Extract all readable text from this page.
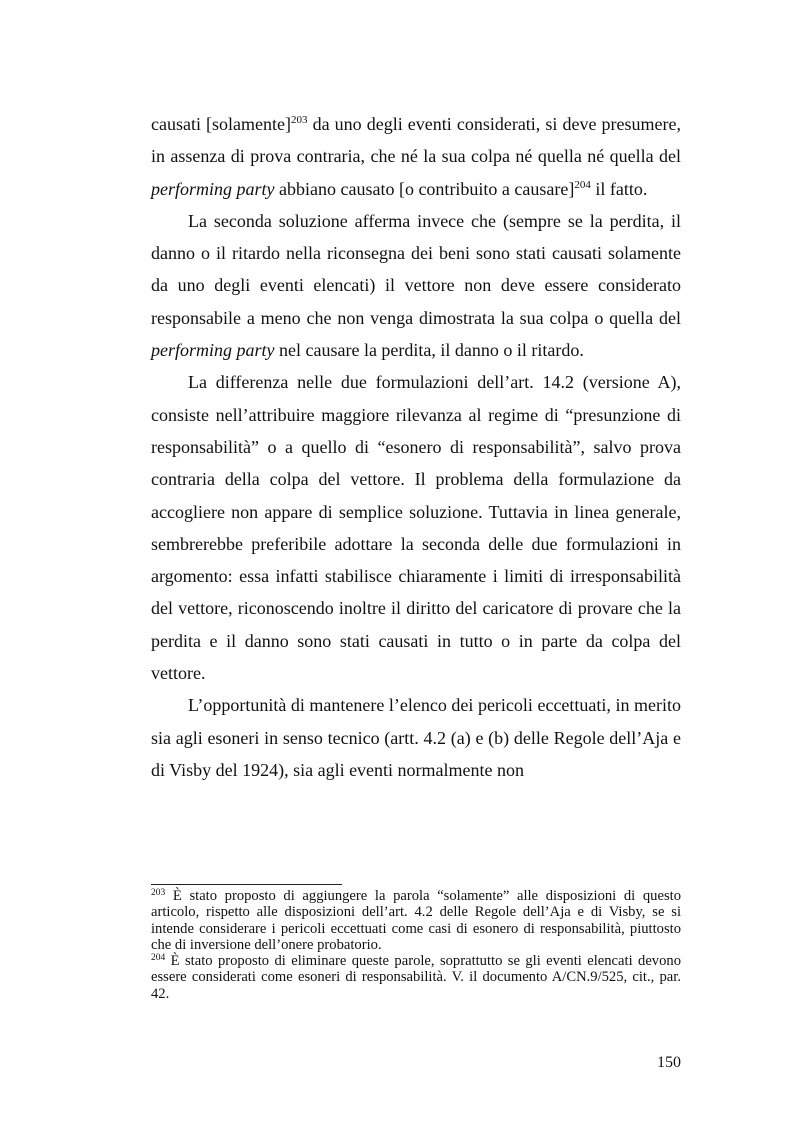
causati [solamente]$^{203}$ da uno degli eventi considerati, si deve presumere, in assenza di prova contraria, che né la sua colpa né quella né quella del performing party abbiano causato [o contribuito a causare]$^{204}$ il fatto.

La seconda soluzione afferma invece che (sempre se la perdita, il danno o il ritardo nella riconsegna dei beni sono stati causati solamente da uno degli eventi elencati) il vettore non deve essere considerato responsabile a meno che non venga dimostrata la sua colpa o quella del performing party nel causare la perdita, il danno o il ritardo.

La differenza nelle due formulazioni dell’art. 14.2 (versione A), consiste nell’attribuire maggiore rilevanza al regime di “presunzione di responsabilità” o a quello di “esonero di responsabilità”, salvo prova contraria della colpa del vettore. Il problema della formulazione da accogliere non appare di semplice soluzione. Tuttavia in linea generale, sembrerebbe preferibile adottare la seconda delle due formulazioni in argomento: essa infatti stabilisce chiaramente i limiti di irresponsabilità del vettore, riconoscendo inoltre il diritto del caricatore di provare che la perdita e il danno sono stati causati in tutto o in parte da colpa del vettore.

L’opportunità di mantenere l’elenco dei pericoli eccettuati, in merito sia agli esoneri in senso tecnico (artt. 4.2 (a) e (b) delle Regole dell’Aja e di Visby del 1924), sia agli eventi normalmente non

$^{203}$ È stato proposto di aggiungere la parola “solamente” alle disposizioni di questo articolo, rispetto alle disposizioni dell’art. 4.2 delle Regole dell’Aja e di Visby, se si intende considerare i pericoli eccettuati come casi di esonero di responsabilità, piuttosto che di inversione dell’onere probatorio.

$^{204}$ È stato proposto di eliminare queste parole, soprattutto se gli eventi elencati devono essere considerati come esoneri di responsabilità. V. il documento A/CN.9/525, cit., par. 42.

150
